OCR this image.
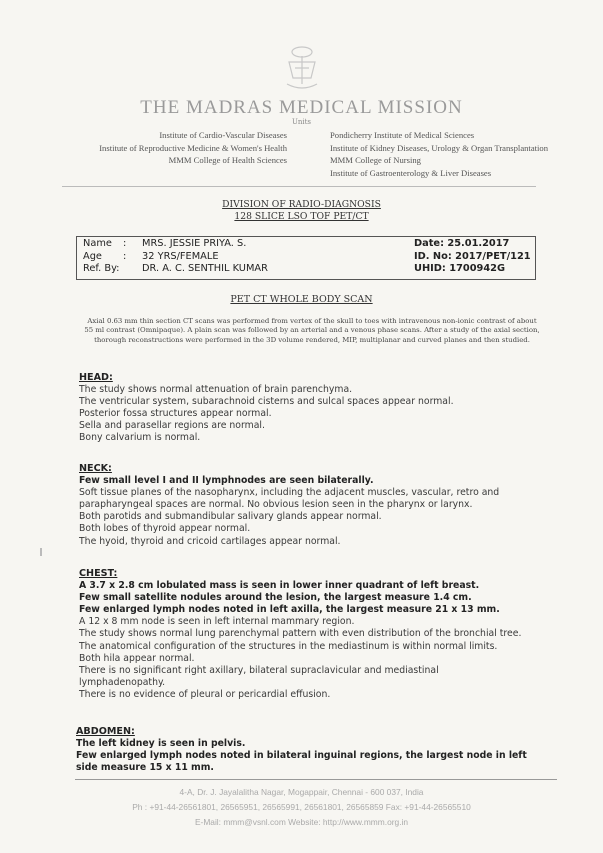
THE MADRAS MEDICAL MISSION
Units
Institute of Cardio-Vascular Diseases
Institute of Reproductive Medicine & Women's Health
MMM College of Health Sciences
Pondicherry Institute of Medical Sciences
Institute of Kidney Diseases, Urology & Organ Transplantation
MMM College of Nursing
Institute of Gastroenterology & Liver Diseases
DIVISION OF RADIO-DIAGNOSIS
128 SLICE LSO TOF PET/CT
Name
Age
Ref. By:
:
:

MRS. JESSIE PRIYA. S.
32 YRS/FEMALE
DR. A. C. SENTHIL KUMAR
Date: 25.01.2017
ID. No: 2017/PET/121
UHID: 1700942G
PET CT WHOLE BODY SCAN
Axial 0.63 mm thin section CT scans was performed from vertex of the skull to toes with intravenous non-ionic contrast of about 55 ml contrast (Omnipaque). A plain scan was followed by an arterial and a venous phase scans. After a study of the axial section, thorough reconstructions were performed in the 3D volume rendered, MIP, multiplanar and curved planes and then studied.
HEAD:

The study shows normal attenuation of brain parenchyma.

The ventricular system, subarachnoid cisterns and sulcal spaces appear normal.

Posterior fossa structures appear normal.

Sella and parasellar regions are normal.

Bony calvarium is normal.

NECK:

Few small level I and II lymphnodes are seen bilaterally.

Soft tissue planes of the nasopharynx, including the adjacent muscles, vascular, retro and parapharyngeal spaces are normal. No obvious lesion seen in the pharynx or larynx.

Both parotids and submandibular salivary glands appear normal.

Both lobes of thyroid appear normal.

The hyoid, thyroid and cricoid cartilages appear normal.

CHEST:

A 3.7 x 2.8 cm lobulated mass is seen in lower inner quadrant of left breast.

Few small satellite nodules around the lesion, the largest measure 1.4 cm.

Few enlarged lymph nodes noted in left axilla, the largest measure 21 x 13 mm.

A 12 x 8 mm node is seen in left internal mammary region.

The study shows normal lung parenchymal pattern with even distribution of the bronchial tree.

The anatomical configuration of the structures in the mediastinum is within normal limits.

Both hila appear normal.

There is no significant right axillary, bilateral supraclavicular and mediastinal lymphadenopathy.

There is no evidence of pleural or pericardial effusion.

ABDOMEN:

The left kidney is seen in pelvis.

Few enlarged lymph nodes noted in bilateral inguinal regions, the largest node in left side measure 15 x 11 mm.

4-A, Dr. J. Jayalalitha Nagar, Mogappair, Chennai - 600 037, India
Ph : +91-44-26561801, 26565951, 26565991, 26561801, 26565859 Fax: +91-44-26565510
E-Mail: mmm@vsnl.com Website: http://www.mmm.org.in
